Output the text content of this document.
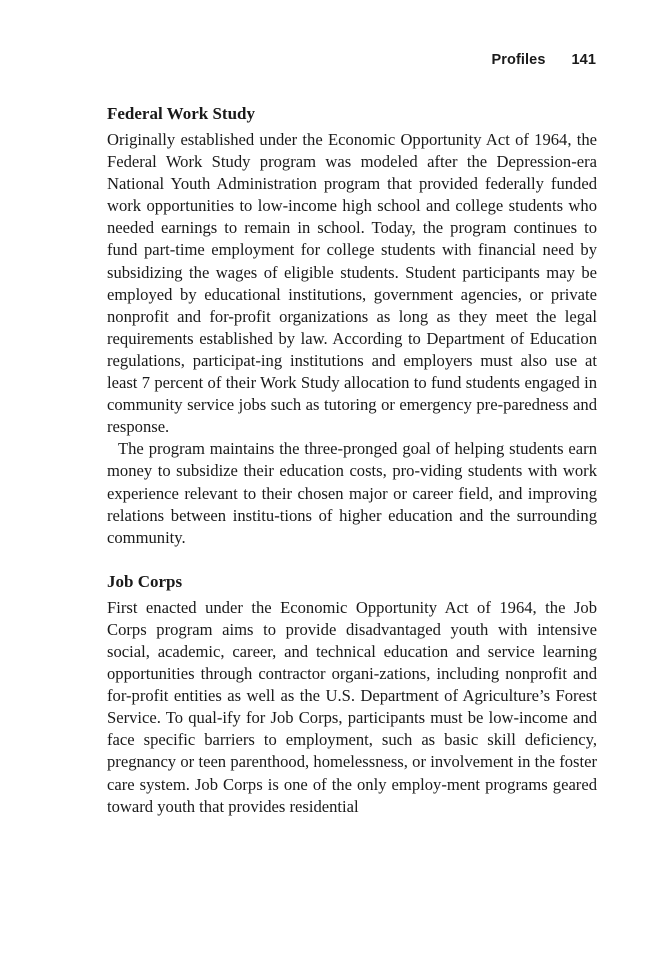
Profiles 141
Federal Work Study

Originally established under the Economic Opportunity Act of 1964, the Federal Work Study program was modeled after the Depression-era National Youth Administration program that provided federally funded work opportunities to low-income high school and college students who needed earnings to remain in school. Today, the program continues to fund part-time employment for college students with financial need by subsidizing the wages of eligible students. Student participants may be employed by educational institutions, government agencies, or private nonprofit and for-profit organizations as long as they meet the legal requirements established by law. According to Department of Education regulations, participat-ing institutions and employers must also use at least 7 percent of their Work Study allocation to fund students engaged in community service jobs such as tutoring or emergency pre-paredness and response.

The program maintains the three-pronged goal of helping students earn money to subsidize their education costs, pro-viding students with work experience relevant to their chosen major or career field, and improving relations between institu-tions of higher education and the surrounding community.

Job Corps

First enacted under the Economic Opportunity Act of 1964, the Job Corps program aims to provide disadvantaged youth with intensive social, academic, career, and technical education and service learning opportunities through contractor organi-zations, including nonprofit and for-profit entities as well as the U.S. Department of Agriculture’s Forest Service. To qual-ify for Job Corps, participants must be low-income and face specific barriers to employment, such as basic skill deficiency, pregnancy or teen parenthood, homelessness, or involvement in the foster care system. Job Corps is one of the only employ-ment programs geared toward youth that provides residential
